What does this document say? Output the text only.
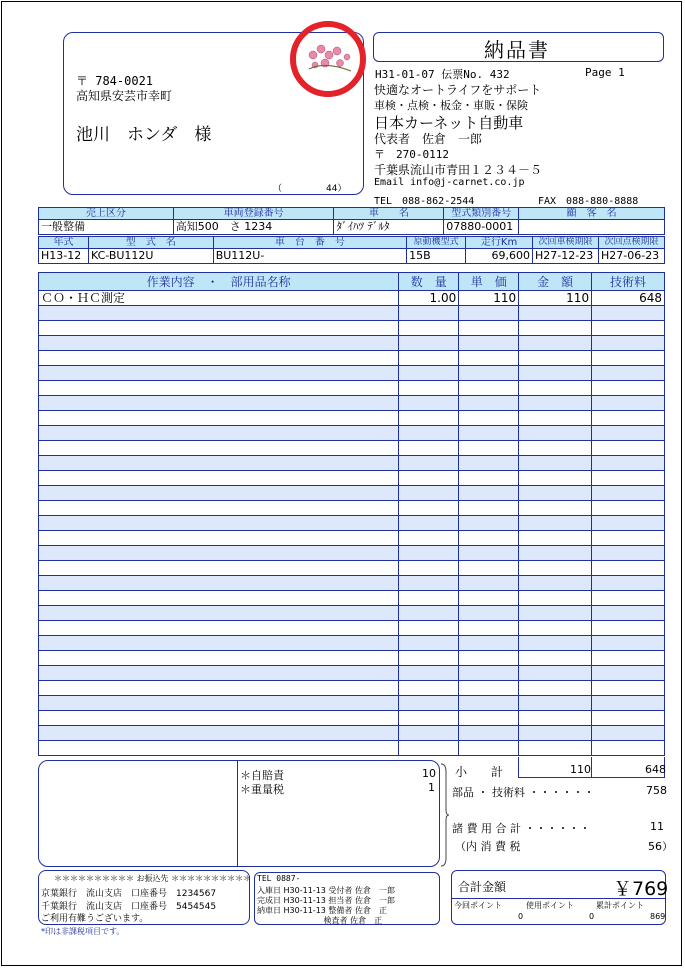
〒 784-0021
高知県安芸市幸町
池川　ホンダ　様
（	44）
納品書
H31-01-07 伝票No. 432	Page 1
快適なオートライフをサポート
車検・点検・板金・車販・保険
日本カーネット自動車
代表者　佐倉　一郎
〒　270-0112
千葉県流山市青田１２３４－５
Email info@j-carnet.co.jp
TEL　088-862-2544	FAX　088-880-8888
売上区分	車両登録番号	車　　名	型式類別番号	顧　客　名
一般整備	高知500　さ 1234	ﾀﾞｲﾊﾂ ﾃﾞﾙﾀ	07880-0001	
年式	型　式　名	車　台　番　号	原動機型式	走行Km	次回車検期限	次回点検期限
H13-12	KC-BU112U	BU112U-	15B	69,600	H27-12-23	H27-06-23
作業内容　・　部用品名称	数　量	単　価	金　額	技術料
ＣＯ・ＨＣ測定	1.00	110	110	648

＊自賠責	10
＊重量税	1
小　　計	110	648
部品 ・ 技術料 ・・・・・・	758
諸 費 用 合 計 ・・・・・・	11
（内 消 費 税	56）
＊＊＊＊＊＊＊＊＊＊ お振込先 ＊＊＊＊＊＊＊＊＊＊
京葉銀行　流山支店　口座番号　1234567
千葉銀行　流山支店　口座番号　5454545
ご利用有難うございます。
*印は非課税項目です。
TEL 0887-
入庫日 H30-11-13 受付者 佐倉　一郎
完成日 H30-11-13 担当者 佐倉　一郎
納車日 H30-11-13 整備者 佐倉　正
　　　　　　　　 検査者 佐倉　正
合計金額	￥769
今回ポイント	使用ポイント	累計ポイント
0	0	869
